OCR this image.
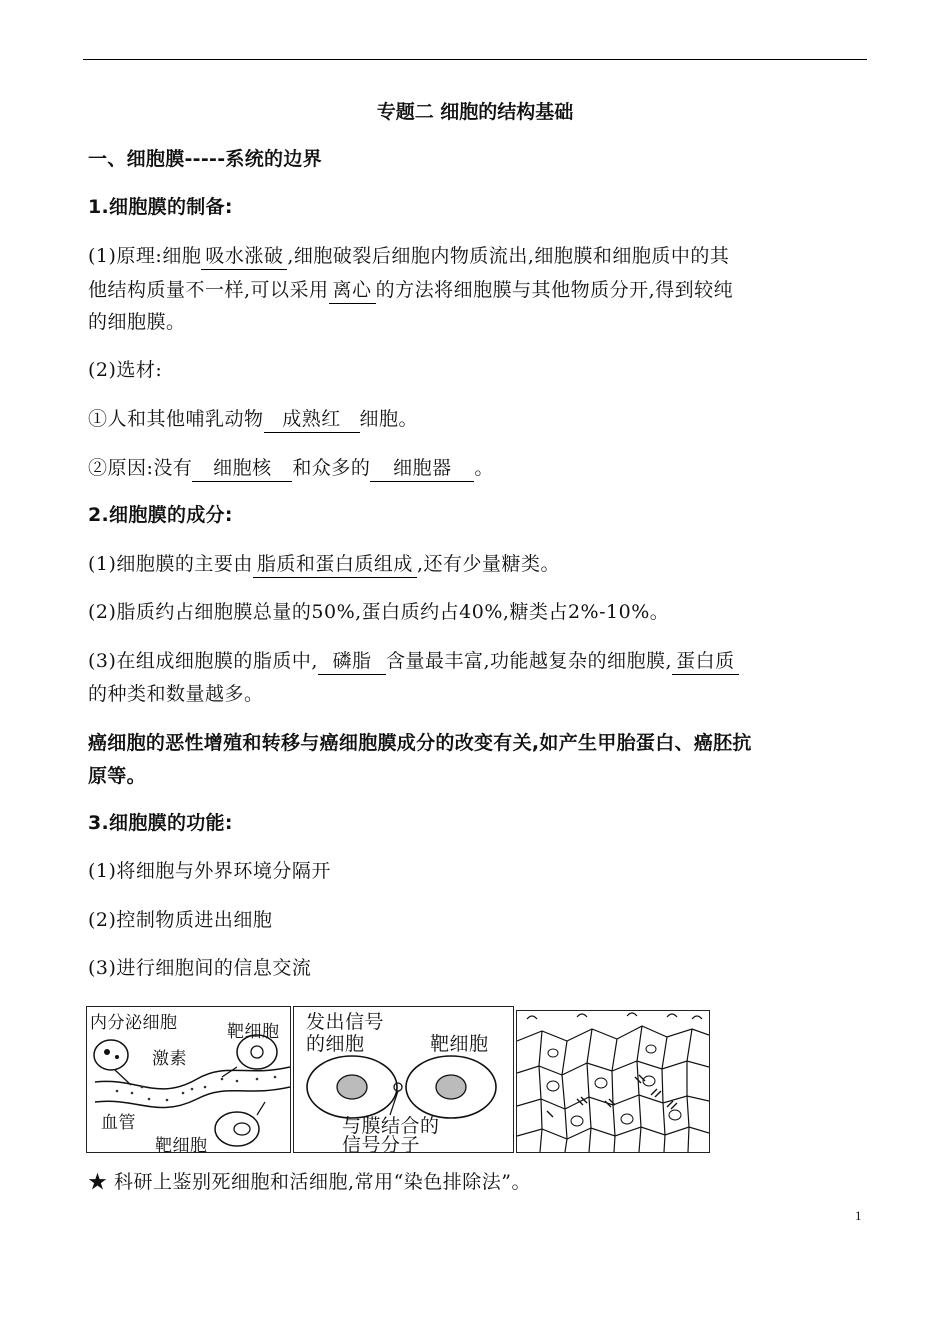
专题二 细胞的结构基础
一、细胞膜-----系统的边界
1.细胞膜的制备:
(1)原理:细胞 吸水涨破 ,细胞破裂后细胞内物质流出,细胞膜和细胞质中的其
他结构质量不一样,可以采用 离心 的方法将细胞膜与其他物质分开,得到较纯
的细胞膜。
(2)选材:
①人和其他哺乳动物 成熟红 细胞。
②原因:没有 细胞核 和众多的 细胞器 。
2.细胞膜的成分:
(1)细胞膜的主要由 脂质和蛋白质组成 ,还有少量糖类。
(2)脂质约占细胞膜总量的50%,蛋白质约占40%,糖类占2%-10%。
(3)在组成细胞膜的脂质中, 磷脂 含量最丰富,功能越复杂的细胞膜, 蛋白质
的种类和数量越多。
癌细胞的恶性增殖和转移与癌细胞膜成分的改变有关,如产生甲胎蛋白、癌胚抗
原等。
3.细胞膜的功能:
(1)将细胞与外界环境分隔开
(2)控制物质进出细胞
(3)进行细胞间的信息交流
内分泌细胞	靶细胞
激素
血管
靶细胞
发出信号
的细胞	靶细胞
与膜结合的
信号分子
★ 科研上鉴别死细胞和活细胞,常用“染色排除法”。
1
